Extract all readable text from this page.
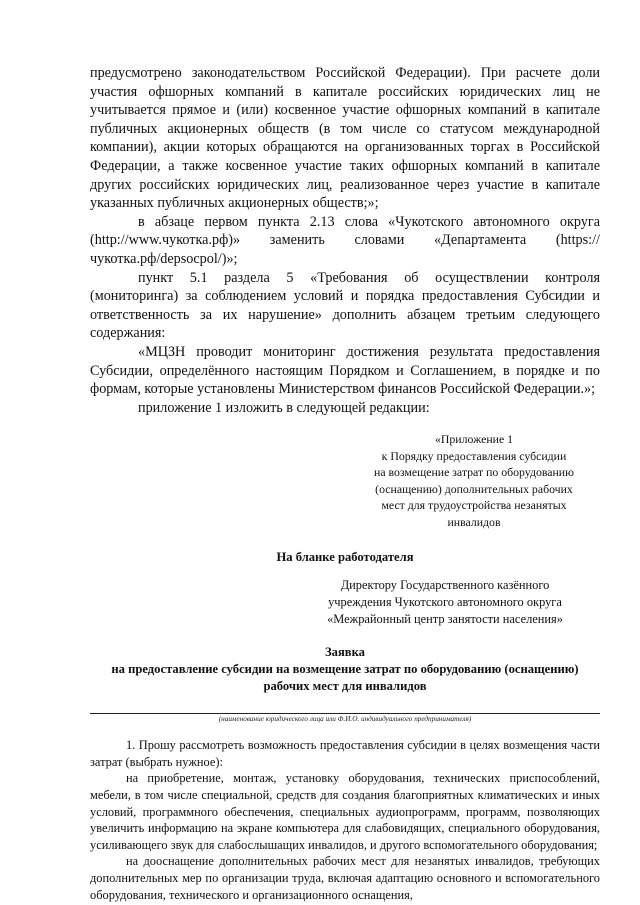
предусмотрено законодательством Российской Федерации). При расчете доли участия офшорных компаний в капитале российских юридических лиц не учитывается прямое и (или) косвенное участие офшорных компаний в капитале публичных акционерных обществ (в том числе со статусом международной компании), акции которых обращаются на организованных торгах в Российской Федерации, а также косвенное участие таких офшорных компаний в капитале других российских юридических лиц, реализованное через участие в капитале указанных публичных акционерных обществ;»;

в абзаце первом пункта 2.13 слова «Чукотского автономного округа (http://www.чукотка.рф)» заменить словами «Департамента (https://чукотка.рф/depsocpol/)»;

пункт 5.1 раздела 5 «Требования об осуществлении контроля (мониторинга) за соблюдением условий и порядка предоставления Субсидии и ответственность за их нарушение» дополнить абзацем третьим следующего содержания:

«МЦЗН проводит мониторинг достижения результата предоставления Субсидии, определённого настоящим Порядком и Соглашением, в порядке и по формам, которые установлены Министерством финансов Российской Федерации.»;

приложение 1 изложить в следующей редакции:

«Приложение 1
к Порядку предоставления субсидии
на возмещение затрат по оборудованию
(оснащению) дополнительных рабочих
мест для трудоустройства незанятых
инвалидов
На бланке работодателя
Директору Государственного казённого
учреждения Чукотского автономного округа
«Межрайонный центр занятости населения»
Заявка
на предоставление субсидии на возмещение затрат по оборудованию (оснащению)
рабочих мест для инвалидов
(наименование юридического лица или Ф.И.О. индивидуального предпринимателя)

1. Прошу рассмотреть возможность предоставления субсидии в целях возмещения части затрат (выбрать нужное):

на приобретение, монтаж, установку оборудования, технических приспособлений, мебели, в том числе специальной, средств для создания благоприятных климатических и иных условий, программного обеспечения, специальных аудиопрограмм, программ, позволяющих увеличить информацию на экране компьютера для слабовидящих, специального оборудования, усиливающего звук для слабослышащих инвалидов, и другого вспомогательного оборудования;

на дооснащение дополнительных рабочих мест для незанятых инвалидов, требующих дополнительных мер по организации труда, включая адаптацию основного и вспомогательного оборудования, технического и организационного оснащения,
